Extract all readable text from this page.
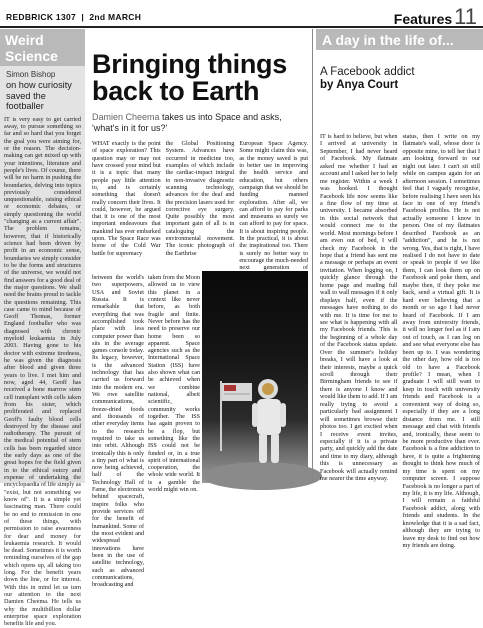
REDBRICK 1307  |  2nd MARCH	Features11
Weird Science
Simon Bishop
on how curiosity saved the footballer
IT is very easy to get carried away, to pursue something so far and so hard that you forget the goal you were aiming for, or the reason. The decision-making can get mixed up with your intentions, literature and people's lives. Of course, there will be no harm in pushing the boundaries, delving into topics previously considered unquestionable, raising ethical or economic debates, or simply questioning the world "changing as a current affair". The problem remains, however, that if historically science had been driven by profit in an economic sense, boundaries we simply consider to be the forms and structures of the universe, we would not find answers for a good deal of the major questions. We shall need the brains proud to tackle the questions remaining. This case came to mind because of Geoff Thomas, former England footballer who was diagnosed with chronic myeloid leukaemia in July 2003. Having gone to his doctor with extreme tiredness, he was given the diagnosis after blood and given three years to live. I met him and now, aged 44, Geoff has received a bone marrow stem cell transplant with cells taken from his sister, which proliferated and replaced Geoff's faulty blood cells destroyed by the disease and radiotherapy. The pursuit of the medical potential of stem cells has been regarded since the early days as one of the great hopes for the field given in to the ethical outcry and expense of undertaking the encyclopaedia of life simply as "exist, but not something we know of". It is a simple yet fascinating man. There could be no end to remission in one of these things, with permission to raise awareness for dear and money for leukaemia research. It would be dead. Sometimes it is worth reminding ourselves of the gap which opens up, all taking too long. For the benefit years down the line, or for interest. With this in mind let us turn our attention to the next Damien Cheema. He tells us why the multibillion dollar enterprise space exploration benefits life and you.
Bringing things back to Earth
Damien Cheema takes us into Space and asks, 'what's in it for us?'
WHAT exactly is the point of space exploration? This question may or may not have crossed your mind but it is a topic that many people pay little attention to, and is certainly something that doesn't really concern their lives. It could, however, be argued that it is one of the most important endeavours that mankind has ever embarked upon. The Space Race was borne of the Cold War battle for supremacy
the Global Positioning System. Advances have occurred in medicine too, examples of which include the cardiac-impact integral to non-invasive diagnostic scanning technology, advances for the deaf and the precision lasers used for corrective eye surgery. Quite possibly the most important gain of all is in cataloguing the environmental movement. The iconic photograph of the Earthrise
European Space Agency. Some might claim this was, as the money saved is put to better use in improving the health service and education, but others campaign that we should be funding manned exploration. After all, we can afford to pay for parks and museums so surely we can afford to pay for space. It is about inspiring people. In the practical, it is about the inspirational too. There is surely no better way to encourage the much-needed next generation of
between the world's two superpowers, USA and Soviet Russia. It is remarkable that everything that was accomplished took place with less computer power than sits in the average games console today. Its legacy, however, is the advanced technology that has carried us forward into the modern era. We owe satellite communications, freeze-dried foods and thousands of other everyday items to the research required to take us into orbit. Although ironically this is only a tiny part of what is now being achieved, half of the Technology Hall of Fame, the electronics behind spacecraft, inspire folks who provide services off for the benefit of humankind. Some of the most evident and widespread innovations have been in the use of satellite technology, such as advanced communications, broadcasting and
taken from the Moon allowed us to view this planet in a context like never before, as both fragile and finite. Never before has the need to preserve our home been so apparent. Space agencies such as the International Space Station (ISS) have also shown what can be achieved when we combine national, albeit scientific, community works together. The ISS has again proven to be a flop, but something like the ISS could not be funded or, in a true spirit of international cooperation, the whole wide world. It is a gamble the world might win on.
A day in the life of...
A Facebook addict
by Anya Court
IT is hard to believe, but when I arrived at university in September, I had never heard of Facebook. My flatmate asked me whether I had an account and I asked her to help me register. Within a week I was hooked. I thought Facebook life now seems like a fine flow of my time at university. I became absorbed in this social network that would connect me to the world. Most mornings before I am even out of bed, I will check my Facebook in the hope that a friend has sent me a message or perhaps an event invitation. When logging on, I quickly glance through the home page and reading full wall to wall messages if it only displays half, even if the messages have nothing to do with me. It is time for me to see what is happening with all my Facebook friends. This is the beginning of a whole day of the Facebook status update. Over the summer's holiday breaks, I will have a look at their interests, maybe a quick scroll through their Birmingham friends to see if there is anyone I know and would like them to add. If I am really trying to avoid a particularly bad assignment I will sometimes browse their photos too. I get excited when I receive event invites, especially if it is a private party, and quickly add the date and time to my diary, although this is unnecessary as Facebook will actually remind me nearer the time anyway.
status, then I write on my flatmate's wall, whose door is opposite mine, to tell her that I am looking forward to our night out later. I can't sit still while on campus again for an afternoon session. I sometimes feel that I vaguely recognise, before realising I have seen his face in one of my friend's Facebook profiles. He is not actually someone I know in person. One of my flatmates described Facebook as an "addiction", and he is not wrong. Yes, that is right, I have realised I do not have to date or speak to people if we like them, I can look them up on Facebook and poke them, and maybe then, if they poke me back, send a virtual gift. It is hard ever believing that a month or so ago I had never heard of Facebook. If I am away from university friends, it will no longer feel as if I am out of touch, as I can log on and see what everyone else has been up to. I was wondering the other day, how old is too old to have a Facebook profile? I mean, when I graduate I will still want to keep in touch with university friends and Facebook is a convenient way of doing so, especially if they are a long distance from me. I still message and chat with friends and, ironically, these seem to be more productive than ever. Facebook is a fine addiction to have, it is quite a frightening thought to think how much of my time is spent on my computer screen. I suppose Facebook is no longer a part of my life, it is my life. Although, I will remain a faithful Facebook addict, along with friends and students. In the knowledge that it is a sad fact, although they are trying to leave my desk to find out how my friends are doing.
